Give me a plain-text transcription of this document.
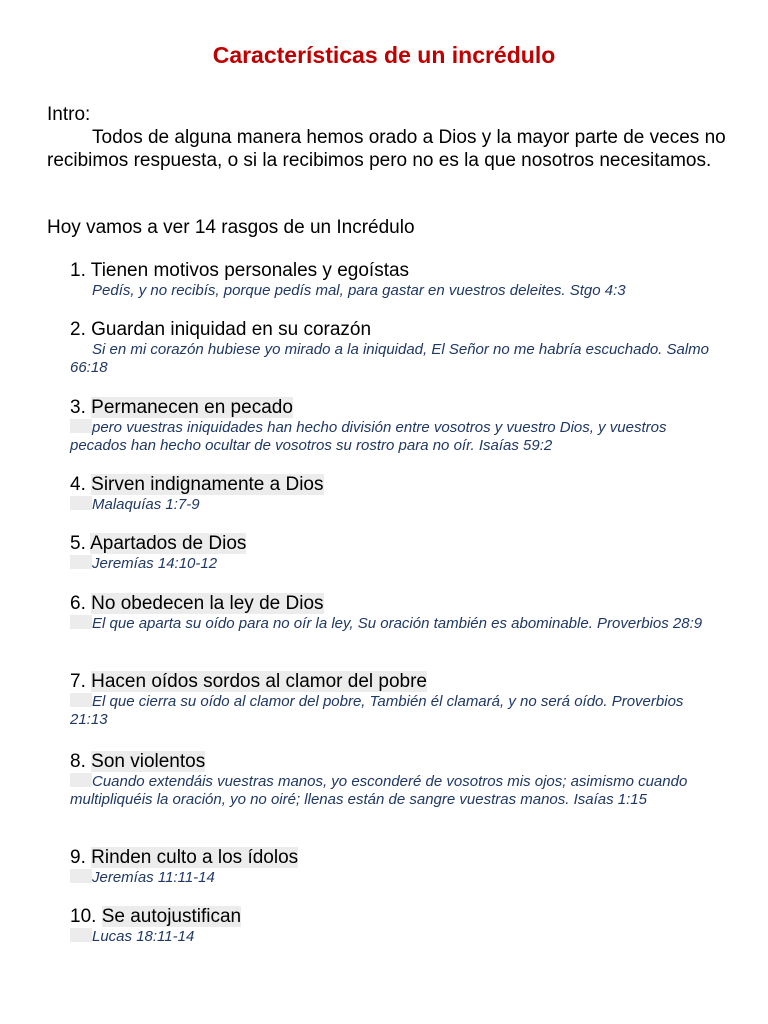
Características de un incrédulo

Intro:

Todos de alguna manera hemos orado a Dios y la mayor parte de veces no recibimos respuesta, o si la recibimos pero no es la que nosotros necesitamos.

Hoy vamos a ver 14 rasgos de un Incrédulo

1. Tienen motivos personales y egoístas
Pedís, y no recibís, porque pedís mal, para gastar en vuestros deleites. Stgo 4:3
2. Guardan iniquidad en su corazón
Si en mi corazón hubiese yo mirado a la iniquidad, El Señor no me habría escuchado. Salmo 66:18
3. Permanecen en pecado
pero vuestras iniquidades han hecho división entre vosotros y vuestro Dios, y vuestros pecados han hecho ocultar de vosotros su rostro para no oír. Isaías 59:2
4. Sirven indignamente a Dios
Malaquías 1:7-9
5. Apartados de Dios
Jeremías 14:10-12
6. No obedecen la ley de Dios
El que aparta su oído para no oír la ley, Su oración también es abominable. Proverbios 28:9
7. Hacen oídos sordos al clamor del pobre
El que cierra su oído al clamor del pobre, También él clamará, y no será oído. Proverbios 21:13
8. Son violentos
Cuando extendáis vuestras manos, yo esconderé de vosotros mis ojos; asimismo cuando multipliquéis la oración, yo no oiré; llenas están de sangre vuestras manos. Isaías 1:15
9. Rinden culto a los ídolos
Jeremías 11:11-14
10. Se autojustifican
Lucas 18:11-14
